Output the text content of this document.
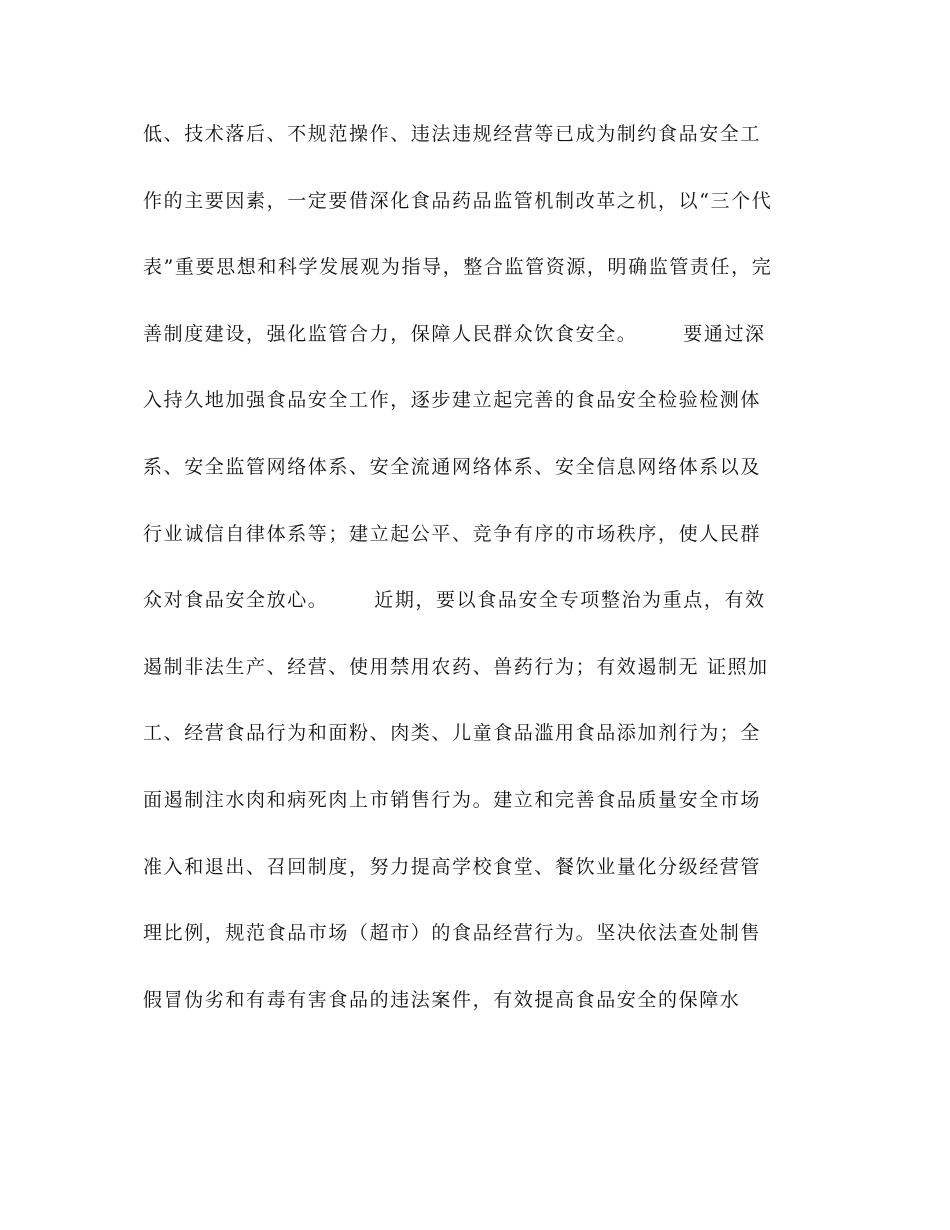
低、技术落后、不规范操作、违法违规经营等已成为制约食品安全工
作的主要因素，一定要借深化食品药品监管机制改革之机，以“三个代
表”重要思想和科学发展观为指导，整合监管资源，明确监管责任，完
善制度建设，强化监管合力，保障人民群众饮食安全。      要通过深
入持久地加强食品安全工作，逐步建立起完善的食品安全检验检测体
系、安全监管网络体系、安全流通网络体系、安全信息网络体系以及
行业诚信自律体系等；建立起公平、竞争有序的市场秩序，使人民群
众对食品安全放心。      近期，要以食品安全专项整治为重点，有效
遏制非法生产、经营、使用禁用农药、兽药行为；有效遏制无 证照加
工、经营食品行为和面粉、肉类、儿童食品滥用食品添加剂行为；全
面遏制注水肉和病死肉上市销售行为。建立和完善食品质量安全市场
准入和退出、召回制度，努力提高学校食堂、餐饮业量化分级经营管
理比例，规范食品市场（超市）的食品经营行为。坚决依法查处制售
假冒伪劣和有毒有害食品的违法案件，有效提高食品安全的保障水
